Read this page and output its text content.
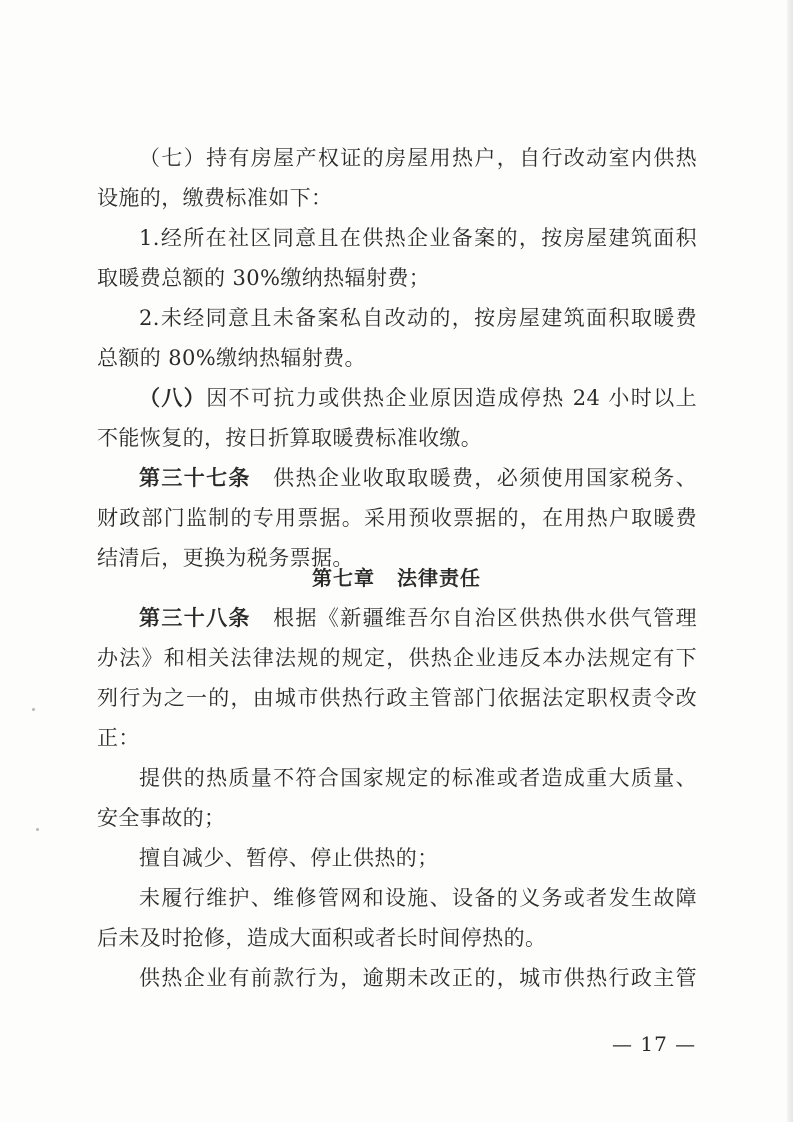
（七）持有房屋产权证的房屋用热户，自行改动室内供热
设施的，缴费标准如下：
1.经所在社区同意且在供热企业备案的，按房屋建筑面积
取暖费总额的 30%缴纳热辐射费；
2.未经同意且未备案私自改动的，按房屋建筑面积取暖费
总额的 80%缴纳热辐射费。
（八）因不可抗力或供热企业原因造成停热 24 小时以上
不能恢复的，按日折算取暖费标准收缴。
第三十七条　供热企业收取取暖费，必须使用国家税务、
财政部门监制的专用票据。采用预收票据的，在用热户取暖费
结清后，更换为税务票据。
第七章 法律责任
第三十八条　根据《新疆维吾尔自治区供热供水供气管理
办法》和相关法律法规的规定，供热企业违反本办法规定有下
列行为之一的，由城市供热行政主管部门依据法定职权责令改
正：
提供的热质量不符合国家规定的标准或者造成重大质量、
安全事故的；
擅自减少、暂停、停止供热的；
未履行维护、维修管网和设施、设备的义务或者发生故障
后未及时抢修，造成大面积或者长时间停热的。
供热企业有前款行为，逾期未改正的，城市供热行政主管
— 17 —
